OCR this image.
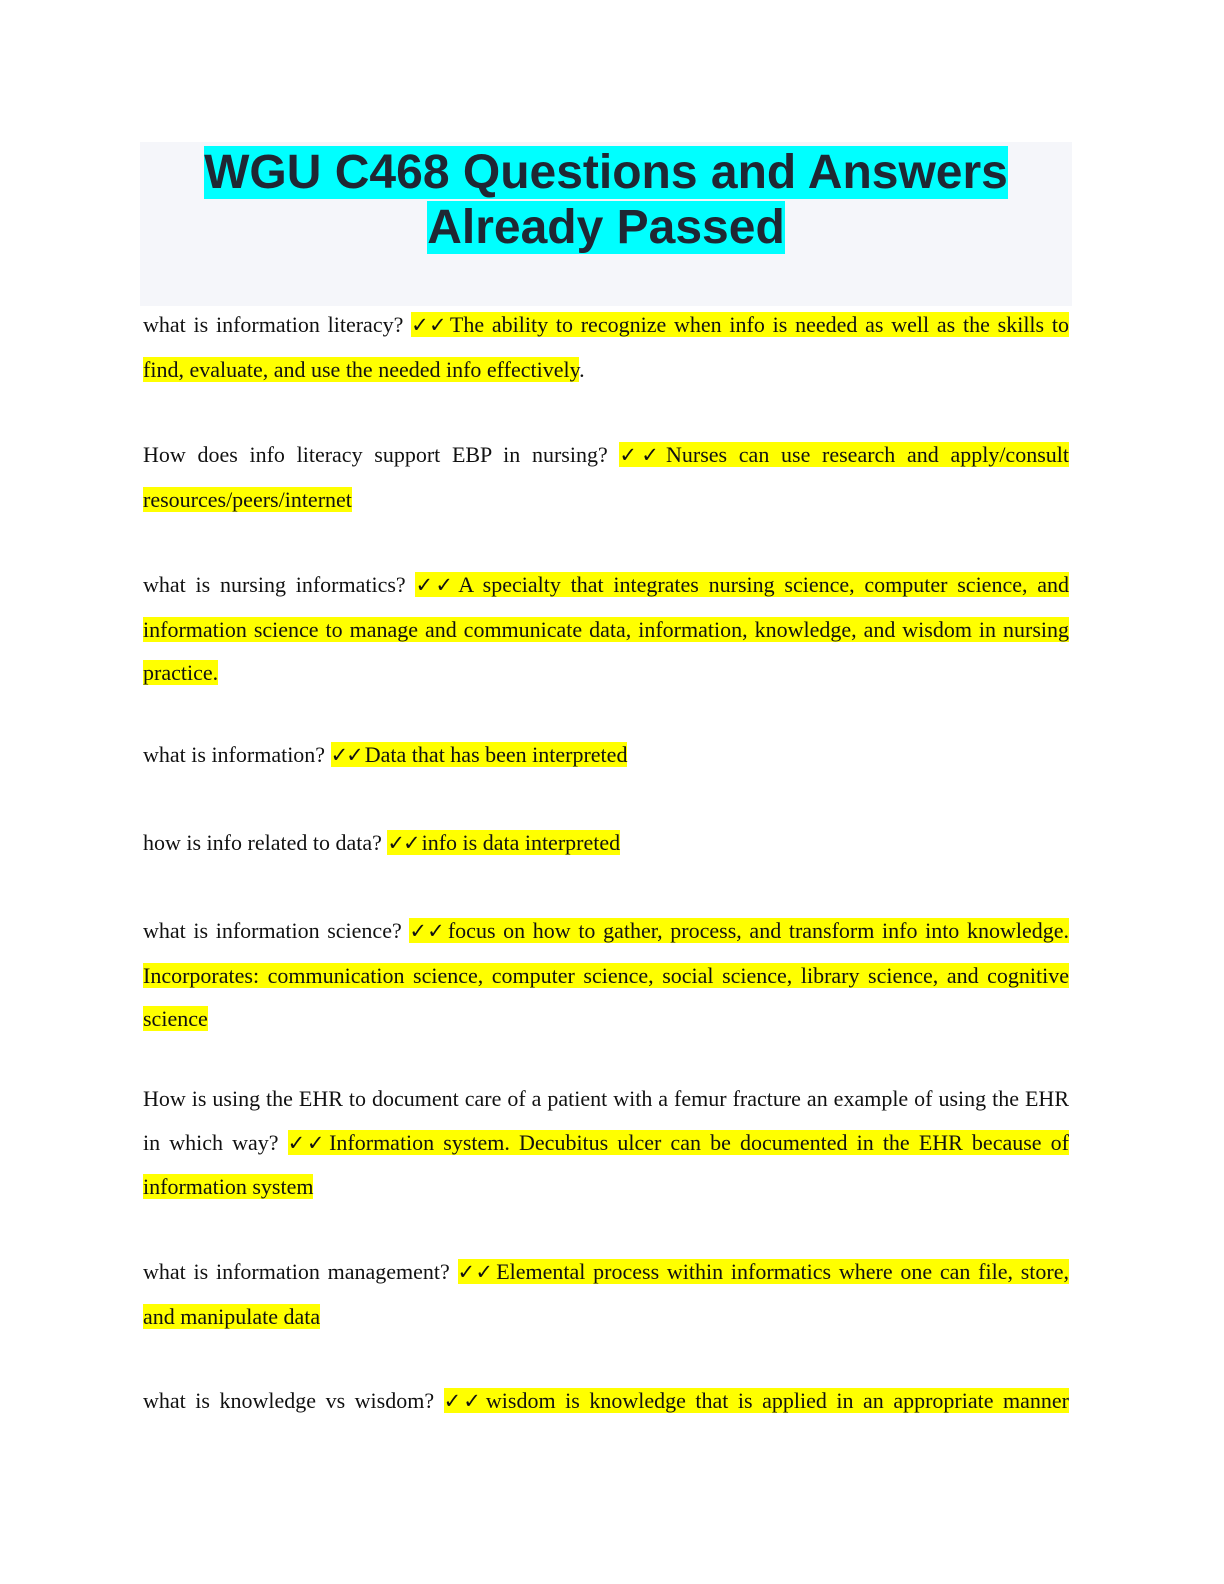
WGU C468 Questions and Answers
Already Passed

what is information literacy? ✓✓ The ability to recognize when info is needed as well as the skills to find, evaluate, and use the needed info effectively.

How does info literacy support EBP in nursing? ✓✓ Nurses can use research and apply/consult resources/peers/internet

what is nursing informatics? ✓✓ A specialty that integrates nursing science, computer science, and information science to manage and communicate data, information, knowledge, and wisdom in nursing practice.

what is information? ✓✓ Data that has been interpreted

how is info related to data? ✓✓ info is data interpreted

what is information science? ✓✓ focus on how to gather, process, and transform info into knowledge. Incorporates: communication science, computer science, social science, library science, and cognitive science

How is using the EHR to document care of a patient with a femur fracture an example of using the EHR in which way? ✓✓ Information system. Decubitus ulcer can be documented in the EHR because of information system

what is information management? ✓✓ Elemental process within informatics where one can file, store, and manipulate data

what is knowledge vs wisdom? ✓✓ wisdom is knowledge that is applied in an appropriate manner
